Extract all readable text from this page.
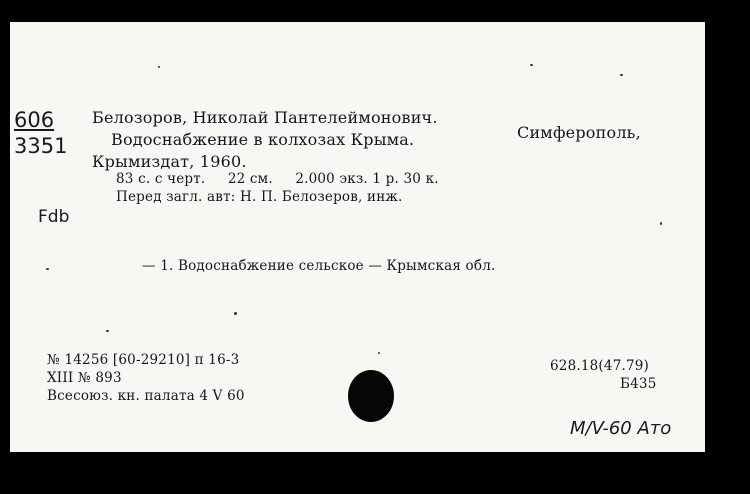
606
3351
Fdb
Белозоров, Николай Пантелеймонович.
Водоснабжение в колхозах Крыма.	Симферополь,
Крымиздат, 1960.
83 с. с черт.     22 см.     2.000 экз. 1 р. 30 к.
Перед загл. авт: Н. П. Белозеров, инж.
— 1. Водоснабжение сельское — Крымская обл.
№ 14256 [60-29210] п 16-3
XIII № 893
Всесоюз. кн. палата 4 V 60
628.18(47.79)
Б435
М/V-60 Ато
